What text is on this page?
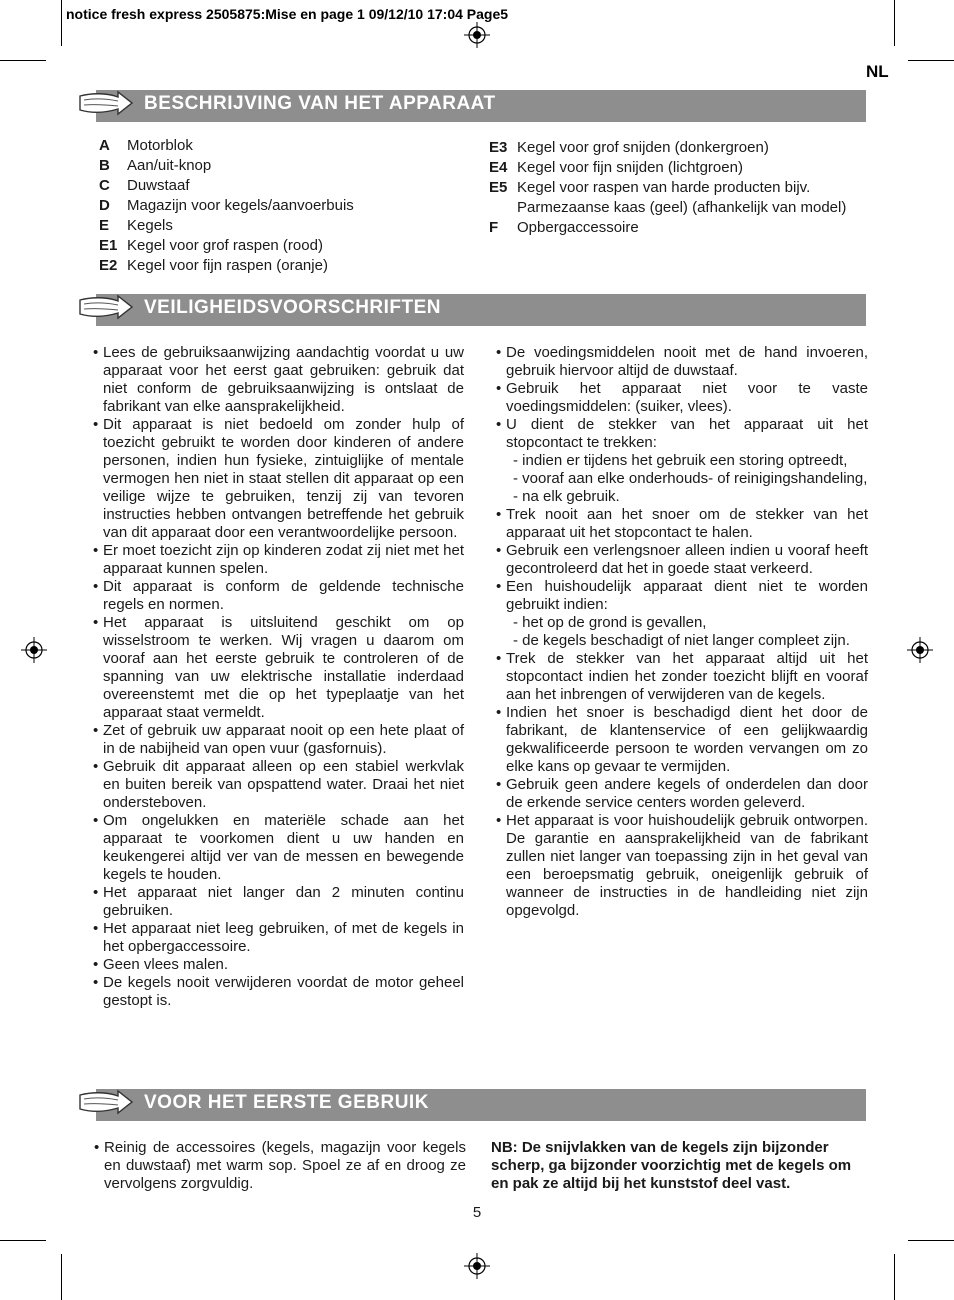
notice fresh express 2505875:Mise en page 1 09/12/10 17:04 Page5
NL
BESCHRIJVING VAN HET APPARAAT
A	Motorblok
B	Aan/uit-knop
C	Duwstaaf
D	Magazijn voor kegels/aanvoerbuis
E	Kegels
E1 Kegel voor grof raspen (rood)
E2 Kegel voor fijn raspen (oranje)
E3 Kegel voor grof snijden (donkergroen)
E4 Kegel voor fijn snijden (lichtgroen)
E5 Kegel voor raspen van harde producten bijv. Parmezaanse kaas (geel) (afhankelijk van model)
F	Opbergaccessoire
VEILIGHEIDSVOORSCHRIFTEN
• Lees de gebruiksaanwijzing aandachtig voordat u uw apparaat voor het eerst gaat gebruiken: gebruik dat niet conform de gebruiksaanwijzing is ontslaat de fabrikant van elke aansprakelijkheid.
• Dit apparaat is niet bedoeld om zonder hulp of toezicht gebruikt te worden door kinderen of andere personen, indien hun fysieke, zintuiglijke of mentale vermogen hen niet in staat stellen dit apparaat op een veilige wijze te gebruiken, tenzij zij van tevoren instructies hebben ontvangen betreffende het gebruik van dit apparaat door een verantwoordelijke persoon.
• Er moet toezicht zijn op kinderen zodat zij niet met het apparaat kunnen spelen.
• Dit apparaat is conform de geldende technische regels en normen.
• Het apparaat is uitsluitend geschikt om op wisselstroom te werken. Wij vragen u daarom om vooraf aan het eerste gebruik te controleren of de spanning van uw elektrische installatie inderdaad overeenstemt met die op het typeplaatje van het apparaat staat vermeldt.
• Zet of gebruik uw apparaat nooit op een hete plaat of in de nabijheid van open vuur (gasfornuis).
• Gebruik dit apparaat alleen op een stabiel werkvlak en buiten bereik van opspattend water. Draai het niet ondersteboven.
• Om ongelukken en materiële schade aan het apparaat te voorkomen dient u uw handen en keukengerei altijd ver van de messen en bewegende kegels te houden.
• Het apparaat niet langer dan 2 minuten continu gebruiken.
• Het apparaat niet leeg gebruiken, of met de kegels in het opbergaccessoire.
• Geen vlees malen.
• De kegels nooit verwijderen voordat de motor geheel gestopt is.
• De voedingsmiddelen nooit met de hand invoeren, gebruik hiervoor altijd de duwstaaf.
• Gebruik het apparaat niet voor te vaste voedingsmiddelen: (suiker, vlees).
• U dient de stekker van het apparaat uit het stopcontact te trekken:
- indien er tijdens het gebruik een storing optreedt,
- vooraf aan elke onderhouds- of reinigingshandeling,
- na elk gebruik.
• Trek nooit aan het snoer om de stekker van het apparaat uit het stopcontact te halen.
• Gebruik een verlengsnoer alleen indien u vooraf heeft gecontroleerd dat het in goede staat verkeerd.
• Een huishoudelijk apparaat dient niet te worden gebruikt indien:
- het op de grond is gevallen,
- de kegels beschadigt of niet langer compleet zijn.
• Trek de stekker van het apparaat altijd uit het stopcontact indien het zonder toezicht blijft en vooraf aan het inbrengen of verwijderen van de kegels.
• Indien het snoer is beschadigd dient het door de fabrikant, de klantenservice of een gelijkwaardig gekwalificeerde persoon te worden vervangen om zo elke kans op gevaar te vermijden.
• Gebruik geen andere kegels of onderdelen dan door de erkende service centers worden geleverd.
• Het apparaat is voor huishoudelijk gebruik ontworpen. De garantie en aansprakelijkheid van de fabrikant zullen niet langer van toepassing zijn in het geval van een beroepsmatig gebruik, oneigenlijk gebruik of wanneer de instructies in de handleiding niet zijn opgevolgd.
VOOR HET EERSTE GEBRUIK
• Reinig de accessoires (kegels, magazijn voor kegels en duwstaaf) met warm sop. Spoel ze af en droog ze vervolgens zorgvuldig.
NB: De snijvlakken van de kegels zijn bijzonder scherp, ga bijzonder voorzichtig met de kegels om en pak ze altijd bij het kunststof deel vast.
5
